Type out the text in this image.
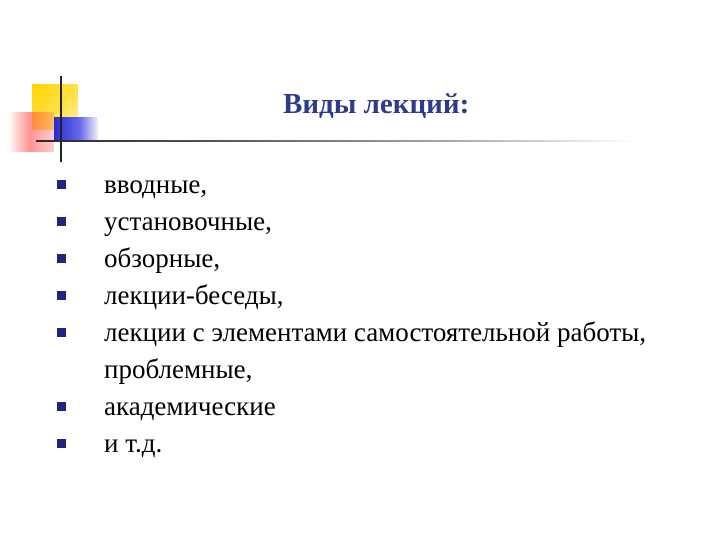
Виды лекций:
вводные,
установочные,
обзорные,
лекции-беседы,
лекции с элементами самостоятельной работы, проблемные,
академические
и т.д.
